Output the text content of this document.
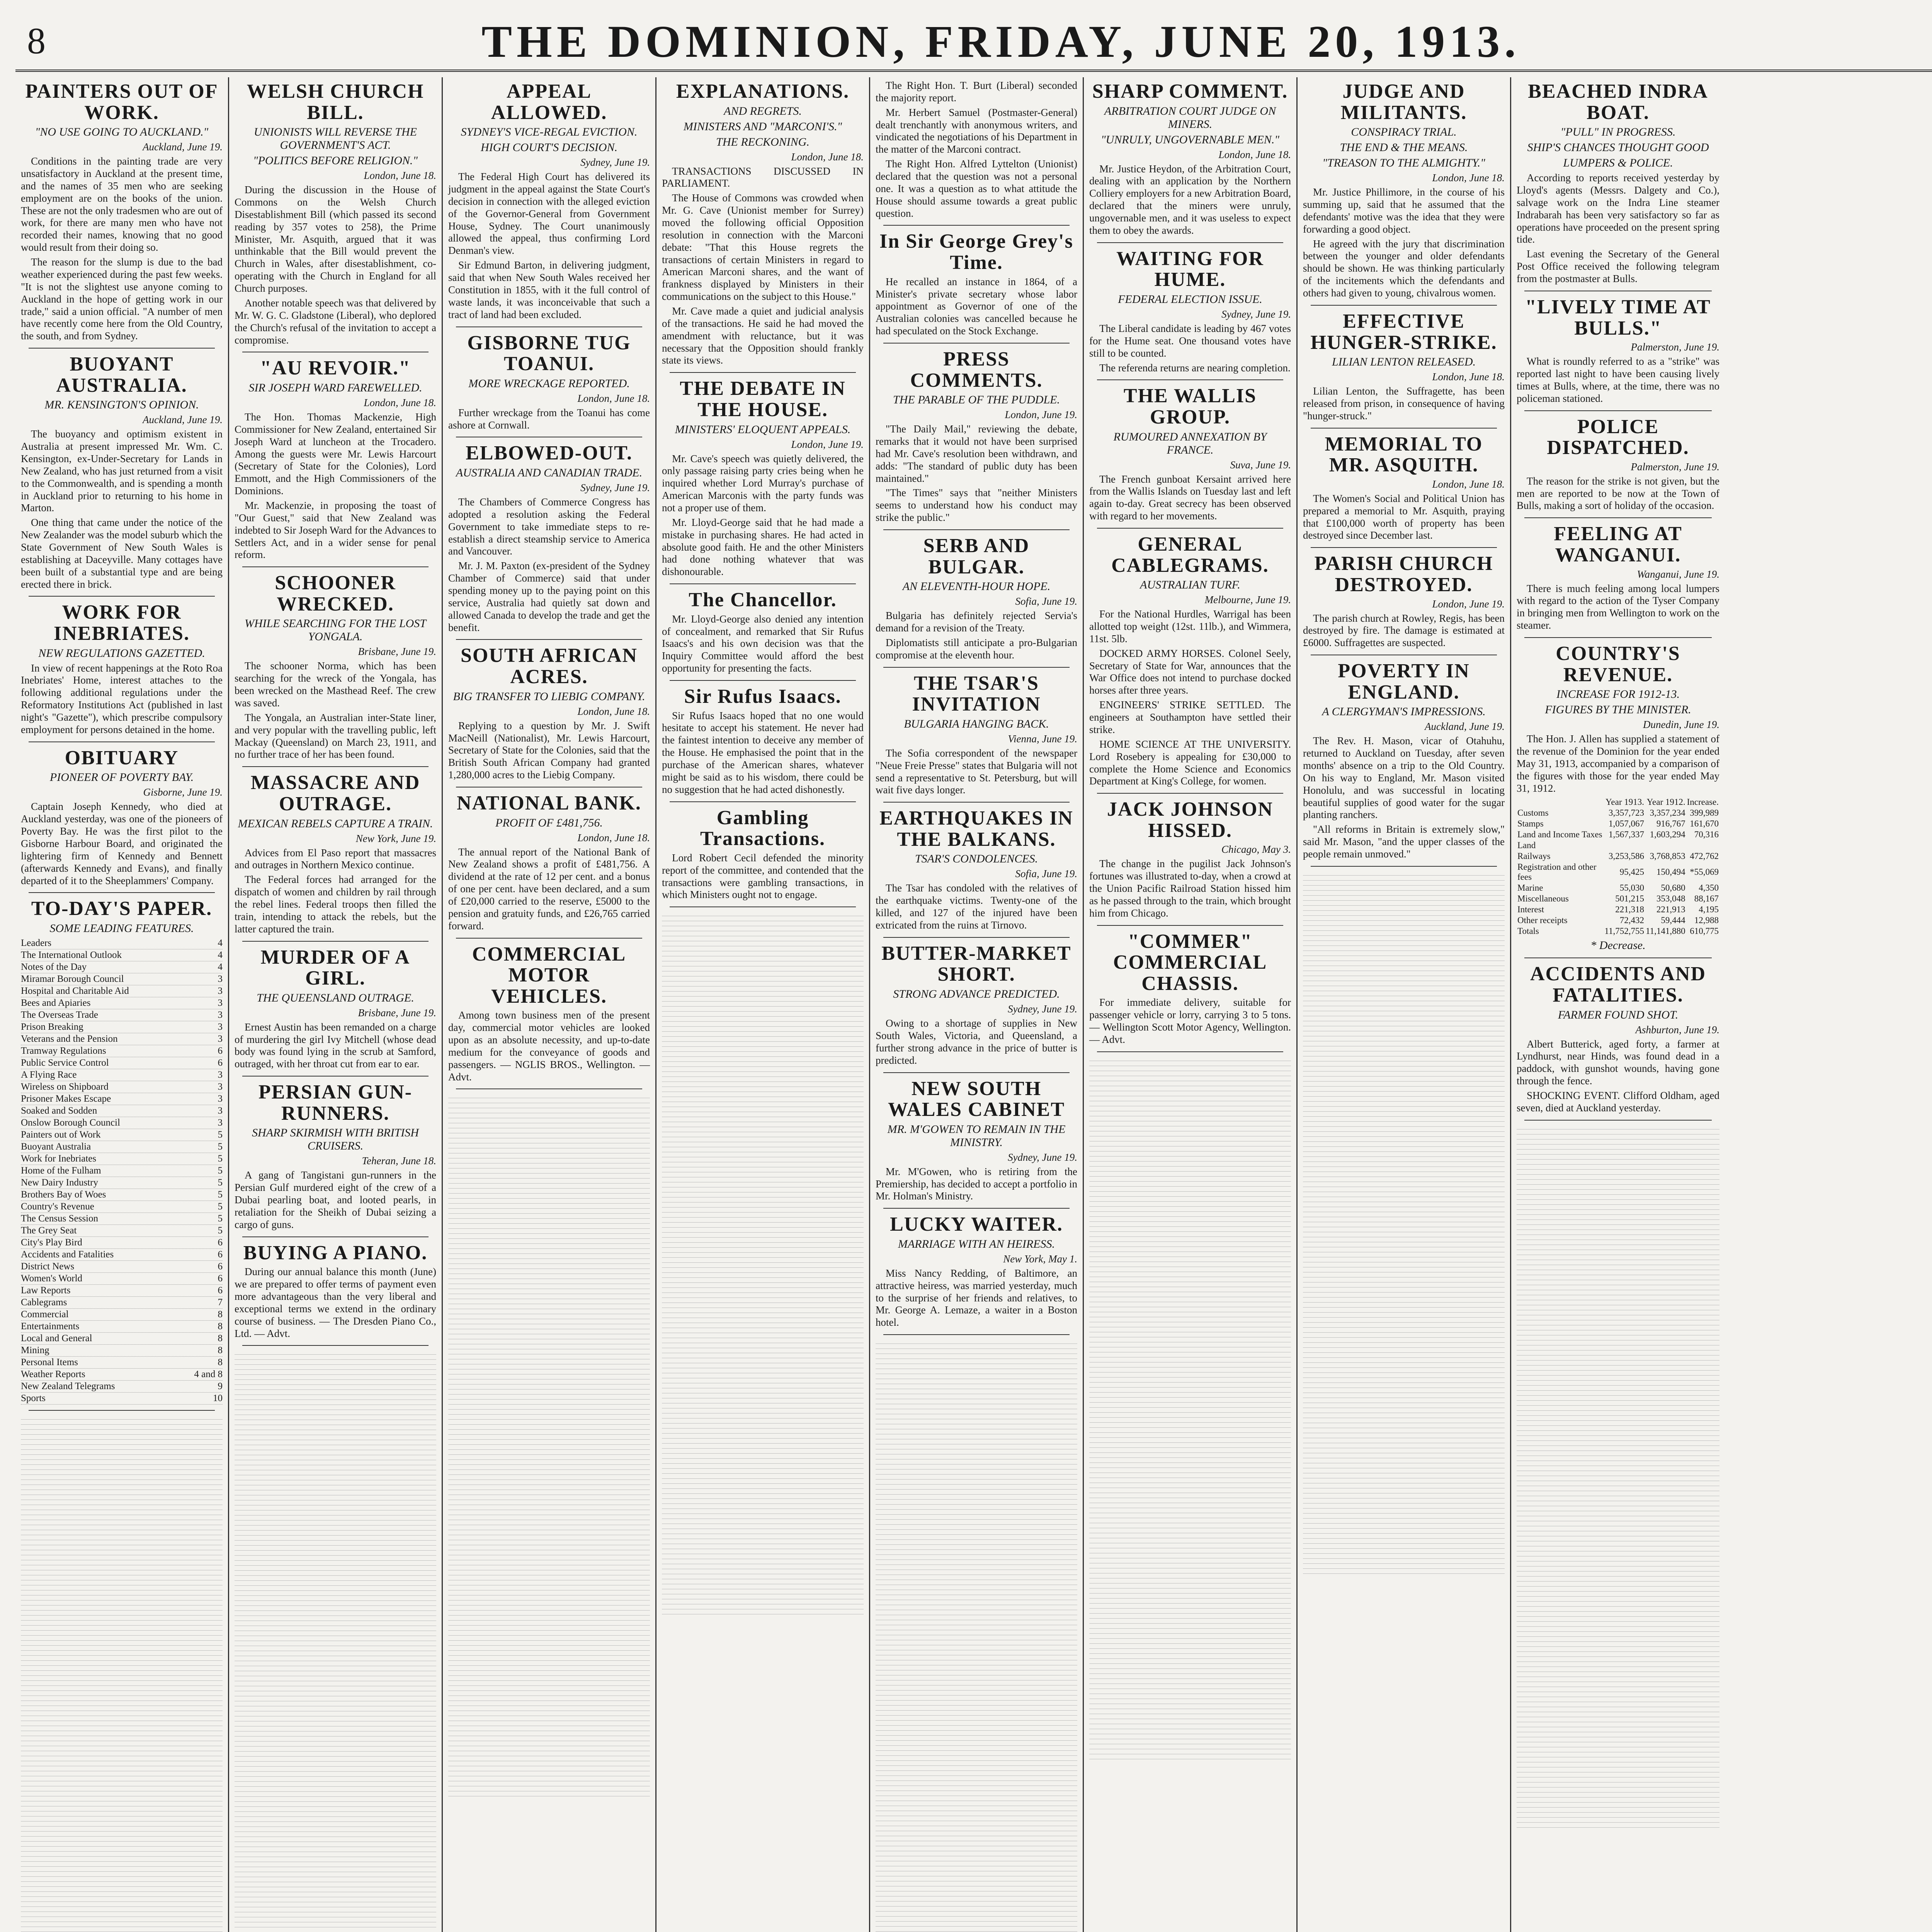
8	THE DOMINION, FRIDAY, JUNE 20, 1913.
PAINTERS OUT OF WORK.
"NO USE GOING TO AUCKLAND."
Auckland, June 19.

Conditions in the painting trade are very unsatisfactory in Auckland at the present time, and the names of 35 men who are seeking employment are on the books of the union. These are not the only tradesmen who are out of work, for there are many men who have not recorded their names, knowing that no good would result from their doing so.

The reason for the slump is due to the bad weather experienced during the past few weeks. "It is not the slightest use anyone coming to Auckland in the hope of getting work in our trade," said a union official. "A number of men have recently come here from the Old Country, the south, and from Sydney.

BUOYANT AUSTRALIA.
MR. KENSINGTON'S OPINION.
Auckland, June 19.

The buoyancy and optimism existent in Australia at present impressed Mr. Wm. C. Kensington, ex-Under-Secretary for Lands in New Zealand, who has just returned from a visit to the Commonwealth, and is spending a month in Auckland prior to returning to his home in Marton.

One thing that came under the notice of the New Zealander was the model suburb which the State Government of New South Wales is establishing at Daceyville. Many cottages have been built of a substantial type and are being erected there in brick.

WORK FOR INEBRIATES.
NEW REGULATIONS GAZETTED.

In view of recent happenings at the Roto Roa Inebriates' Home, interest attaches to the following additional regulations under the Reformatory Institutions Act (published in last night's "Gazette"), which prescribe compulsory employment for persons detained in the home.

OBITUARY
PIONEER OF POVERTY BAY.
Gisborne, June 19.

Captain Joseph Kennedy, who died at Auckland yesterday, was one of the pioneers of Poverty Bay. He was the first pilot to the Gisborne Harbour Board, and originated the lightering firm of Kennedy and Bennett (afterwards Kennedy and Evans), and finally departed of it to the Sheeplammers' Company.

TO-DAY'S PAPER.
SOME LEADING FEATURES.
Leaders	4
The International Outlook	4
Notes of the Day	4
Miramar Borough Council	3
Hospital and Charitable Aid	3
Bees and Apiaries	3
The Overseas Trade	3
Prison Breaking	3
Veterans and the Pension	3
Tramway Regulations	6
Public Service Control	6
A Flying Race	3
Wireless on Shipboard	3
Prisoner Makes Escape	3
Soaked and Sodden	3
Onslow Borough Council	3
Painters out of Work	5
Buoyant Australia	5
Work for Inebriates	5
Home of the Fulham	5
New Dairy Industry	5
Brothers Bay of Woes	5
Country's Revenue	5
The Census Session	5
The Grey Seat	5
City's Play Bird	6
Accidents and Fatalities	6
District News	6
Women's World	6
Law Reports	6
Cablegrams	7
Commercial	8
Entertainments	8
Local and General	8
Mining	8
Personal Items	8
Weather Reports	4 and 8
New Zealand Telegrams	9
Sports	10
WELSH CHURCH BILL.
UNIONISTS WILL REVERSE THE GOVERNMENT'S ACT.
"POLITICS BEFORE RELIGION."
London, June 18.

During the discussion in the House of Commons on the Welsh Church Disestablishment Bill (which passed its second reading by 357 votes to 258), the Prime Minister, Mr. Asquith, argued that it was unthinkable that the Bill would prevent the Church in Wales, after disestablishment, co-operating with the Church in England for all Church purposes.

Another notable speech was that delivered by Mr. W. G. C. Gladstone (Liberal), who deplored the Church's refusal of the invitation to accept a compromise.

"AU REVOIR."
SIR JOSEPH WARD FAREWELLED.
London, June 18.

The Hon. Thomas Mackenzie, High Commissioner for New Zealand, entertained Sir Joseph Ward at luncheon at the Trocadero. Among the guests were Mr. Lewis Harcourt (Secretary of State for the Colonies), Lord Emmott, and the High Commissioners of the Dominions.

Mr. Mackenzie, in proposing the toast of "Our Guest," said that New Zealand was indebted to Sir Joseph Ward for the Advances to Settlers Act, and in a wider sense for penal reform.

SCHOONER WRECKED.
WHILE SEARCHING FOR THE LOST YONGALA.
Brisbane, June 19.

The schooner Norma, which has been searching for the wreck of the Yongala, has been wrecked on the Masthead Reef. The crew was saved.

The Yongala, an Australian inter-State liner, and very popular with the travelling public, left Mackay (Queensland) on March 23, 1911, and no further trace of her has been found.

MASSACRE AND OUTRAGE.
MEXICAN REBELS CAPTURE A TRAIN.
New York, June 19.

Advices from El Paso report that massacres and outrages in Northern Mexico continue.

The Federal forces had arranged for the dispatch of women and children by rail through the rebel lines. Federal troops then filled the train, intending to attack the rebels, but the latter captured the train.

MURDER OF A GIRL.
THE QUEENSLAND OUTRAGE.
Brisbane, June 19.

Ernest Austin has been remanded on a charge of murdering the girl Ivy Mitchell (whose dead body was found lying in the scrub at Samford, outraged, with her throat cut from ear to ear.

PERSIAN GUN-RUNNERS.
SHARP SKIRMISH WITH BRITISH CRUISERS.
Teheran, June 18.

A gang of Tangistani gun-runners in the Persian Gulf murdered eight of the crew of a Dubai pearling boat, and looted pearls, in retaliation for the Sheikh of Dubai seizing a cargo of guns.

BUYING A PIANO.

During our annual balance this month (June) we are prepared to offer terms of payment even more advantageous than the very liberal and exceptional terms we extend in the ordinary course of business. — The Dresden Piano Co., Ltd. — Advt.

APPEAL ALLOWED.
SYDNEY'S VICE-REGAL EVICTION.
HIGH COURT'S DECISION.
Sydney, June 19.

The Federal High Court has delivered its judgment in the appeal against the State Court's decision in connection with the alleged eviction of the Governor-General from Government House, Sydney. The Court unanimously allowed the appeal, thus confirming Lord Denman's view.

Sir Edmund Barton, in delivering judgment, said that when New South Wales received her Constitution in 1855, with it the full control of waste lands, it was inconceivable that such a tract of land had been excluded.

GISBORNE TUG TOANUI.
MORE WRECKAGE REPORTED.
London, June 18.

Further wreckage from the Toanui has come ashore at Cornwall.

ELBOWED-OUT.
AUSTRALIA AND CANADIAN TRADE.
Sydney, June 19.

The Chambers of Commerce Congress has adopted a resolution asking the Federal Government to take immediate steps to re-establish a direct steamship service to America and Vancouver.

Mr. J. M. Paxton (ex-president of the Sydney Chamber of Commerce) said that under spending money up to the paying point on this service, Australia had quietly sat down and allowed Canada to develop the trade and get the benefit.

SOUTH AFRICAN ACRES.
BIG TRANSFER TO LIEBIG COMPANY.
London, June 18.

Replying to a question by Mr. J. Swift MacNeill (Nationalist), Mr. Lewis Harcourt, Secretary of State for the Colonies, said that the British South African Company had granted 1,280,000 acres to the Liebig Company.

NATIONAL BANK.
PROFIT OF £481,756.
London, June 18.

The annual report of the National Bank of New Zealand shows a profit of £481,756. A dividend at the rate of 12 per cent. and a bonus of one per cent. have been declared, and a sum of £20,000 carried to the reserve, £5000 to the pension and gratuity funds, and £26,765 carried forward.

COMMERCIAL MOTOR VEHICLES.

Among town business men of the present day, commercial motor vehicles are looked upon as an absolute necessity, and up-to-date medium for the conveyance of goods and passengers. — NGLIS BROS., Wellington. — Advt.

EXPLANATIONS.
AND REGRETS.
MINISTERS AND "MARCONI'S."
THE RECKONING.
London, June 18.

TRANSACTIONS DISCUSSED IN PARLIAMENT.

The House of Commons was crowded when Mr. G. Cave (Unionist member for Surrey) moved the following official Opposition resolution in connection with the Marconi debate: "That this House regrets the transactions of certain Ministers in regard to American Marconi shares, and the want of frankness displayed by Ministers in their communications on the subject to this House."

Mr. Cave made a quiet and judicial analysis of the transactions. He said he had moved the amendment with reluctance, but it was necessary that the Opposition should frankly state its views.

THE DEBATE IN THE HOUSE.
MINISTERS' ELOQUENT APPEALS.
London, June 19.

Mr. Cave's speech was quietly delivered, the only passage raising party cries being when he inquired whether Lord Murray's purchase of American Marconis with the party funds was not a proper use of them.

Mr. Lloyd-George said that he had made a mistake in purchasing shares. He had acted in absolute good faith. He and the other Ministers had done nothing whatever that was dishonourable.

The Chancellor.

Mr. Lloyd-George also denied any intention of concealment, and remarked that Sir Rufus Isaacs's and his own decision was that the Inquiry Committee would afford the best opportunity for presenting the facts.

Sir Rufus Isaacs.

Sir Rufus Isaacs hoped that no one would hesitate to accept his statement. He never had the faintest intention to deceive any member of the House. He emphasised the point that in the purchase of the American shares, whatever might be said as to his wisdom, there could be no suggestion that he had acted dishonestly.

Gambling Transactions.

Lord Robert Cecil defended the minority report of the committee, and contended that the transactions were gambling transactions, in which Ministers ought not to engage.

The Right Hon. T. Burt (Liberal) seconded the majority report.

Mr. Herbert Samuel (Postmaster-General) dealt trenchantly with anonymous writers, and vindicated the negotiations of his Department in the matter of the Marconi contract.

The Right Hon. Alfred Lyttelton (Unionist) declared that the question was not a personal one. It was a question as to what attitude the House should assume towards a great public question.

In Sir George Grey's Time.

He recalled an instance in 1864, of a Minister's private secretary whose labor appointment as Governor of one of the Australian colonies was cancelled because he had speculated on the Stock Exchange.

PRESS COMMENTS.
THE PARABLE OF THE PUDDLE.
London, June 19.

"The Daily Mail," reviewing the debate, remarks that it would not have been surprised had Mr. Cave's resolution been withdrawn, and adds: "The standard of public duty has been maintained."

"The Times" says that "neither Ministers seems to understand how his conduct may strike the public."

SERB AND BULGAR.
AN ELEVENTH-HOUR HOPE.
Sofia, June 19.

Bulgaria has definitely rejected Servia's demand for a revision of the Treaty.

Diplomatists still anticipate a pro-Bulgarian compromise at the eleventh hour.

THE TSAR'S INVITATION
BULGARIA HANGING BACK.
Vienna, June 19.

The Sofia correspondent of the newspaper "Neue Freie Presse" states that Bulgaria will not send a representative to St. Petersburg, but will wait five days longer.

EARTHQUAKES IN THE BALKANS.
TSAR'S CONDOLENCES.
Sofia, June 19.

The Tsar has condoled with the relatives of the earthquake victims. Twenty-one of the killed, and 127 of the injured have been extricated from the ruins at Tirnovo.

BUTTER-MARKET SHORT.
STRONG ADVANCE PREDICTED.
Sydney, June 19.

Owing to a shortage of supplies in New South Wales, Victoria, and Queensland, a further strong advance in the price of butter is predicted.

NEW SOUTH WALES CABINET
MR. M'GOWEN TO REMAIN IN THE MINISTRY.
Sydney, June 19.

Mr. M'Gowen, who is retiring from the Premiership, has decided to accept a portfolio in Mr. Holman's Ministry.

LUCKY WAITER.
MARRIAGE WITH AN HEIRESS.
New York, May 1.

Miss Nancy Redding, of Baltimore, an attractive heiress, was married yesterday, much to the surprise of her friends and relatives, to Mr. George A. Lemaze, a waiter in a Boston hotel.

SHARP COMMENT.
ARBITRATION COURT JUDGE ON MINERS.
"UNRULY, UNGOVERNABLE MEN."
London, June 18.

Mr. Justice Heydon, of the Arbitration Court, dealing with an application by the Northern Colliery employers for a new Arbitration Board, declared that the miners were unruly, ungovernable men, and it was useless to expect them to obey the awards.

WAITING FOR HUME.
FEDERAL ELECTION ISSUE.
Sydney, June 19.

The Liberal candidate is leading by 467 votes for the Hume seat. One thousand votes have still to be counted.

The referenda returns are nearing completion.

THE WALLIS GROUP.
RUMOURED ANNEXATION BY FRANCE.
Suva, June 19.

The French gunboat Kersaint arrived here from the Wallis Islands on Tuesday last and left again to-day. Great secrecy has been observed with regard to her movements.

GENERAL CABLEGRAMS.
AUSTRALIAN TURF.
Melbourne, June 19.

For the National Hurdles, Warrigal has been allotted top weight (12st. 11lb.), and Wimmera, 11st. 5lb.

DOCKED ARMY HORSES. Colonel Seely, Secretary of State for War, announces that the War Office does not intend to purchase docked horses after three years.

ENGINEERS' STRIKE SETTLED. The engineers at Southampton have settled their strike.

HOME SCIENCE AT THE UNIVERSITY. Lord Rosebery is appealing for £30,000 to complete the Home Science and Economics Department at King's College, for women.

JACK JOHNSON HISSED.
Chicago, May 3.

The change in the pugilist Jack Johnson's fortunes was illustrated to-day, when a crowd at the Union Pacific Railroad Station hissed him as he passed through to the train, which brought him from Chicago.

"COMMER" COMMERCIAL CHASSIS.

For immediate delivery, suitable for passenger vehicle or lorry, carrying 3 to 5 tons. — Wellington Scott Motor Agency, Wellington. — Advt.

JUDGE AND MILITANTS.
CONSPIRACY TRIAL.
THE END & THE MEANS.
"TREASON TO THE ALMIGHTY."
London, June 18.

Mr. Justice Phillimore, in the course of his summing up, said that he assumed that the defendants' motive was the idea that they were forwarding a good object.

He agreed with the jury that discrimination between the younger and older defendants should be shown. He was thinking particularly of the incitements which the defendants and others had given to young, chivalrous women.

EFFECTIVE HUNGER-STRIKE.
LILIAN LENTON RELEASED.
London, June 18.

Lilian Lenton, the Suffragette, has been released from prison, in consequence of having "hunger-struck."

MEMORIAL TO MR. ASQUITH.
London, June 18.

The Women's Social and Political Union has prepared a memorial to Mr. Asquith, praying that £100,000 worth of property has been destroyed since December last.

PARISH CHURCH DESTROYED.
London, June 19.

The parish church at Rowley, Regis, has been destroyed by fire. The damage is estimated at £6000. Suffragettes are suspected.

POVERTY IN ENGLAND.
A CLERGYMAN'S IMPRESSIONS.
Auckland, June 19.

The Rev. H. Mason, vicar of Otahuhu, returned to Auckland on Tuesday, after seven months' absence on a trip to the Old Country. On his way to England, Mr. Mason visited Honolulu, and was successful in locating beautiful supplies of good water for the sugar planting ranchers.

"All reforms in Britain is extremely slow," said Mr. Mason, "and the upper classes of the people remain unmoved."

BEACHED INDRA BOAT.
"PULL" IN PROGRESS.
SHIP'S CHANCES THOUGHT GOOD
LUMPERS & POLICE.

According to reports received yesterday by Lloyd's agents (Messrs. Dalgety and Co.), salvage work on the Indra Line steamer Indrabarah has been very satisfactory so far as operations have proceeded on the present spring tide.

Last evening the Secretary of the General Post Office received the following telegram from the postmaster at Bulls.

"LIVELY TIME AT BULLS."
Palmerston, June 19.

What is roundly referred to as a "strike" was reported last night to have been causing lively times at Bulls, where, at the time, there was no policeman stationed.

POLICE DISPATCHED.
Palmerston, June 19.

The reason for the strike is not given, but the men are reported to be now at the Town of Bulls, making a sort of holiday of the occasion.

FEELING AT WANGANUI.
Wanganui, June 19.

There is much feeling among local lumpers with regard to the action of the Tyser Company in bringing men from Wellington to work on the steamer.

COUNTRY'S REVENUE.
INCREASE FOR 1912-13.
FIGURES BY THE MINISTER.
Dunedin, June 19.

The Hon. J. Allen has supplied a statement of the revenue of the Dominion for the year ended May 31, 1913, accompanied by a comparison of the figures with those for the year ended May 31, 1912.

	Year 1913.	Year 1912.	Increase.
Customs	3,357,723	3,357,234	399,989
Stamps	1,057,067	916,767	161,670
Land and Income Taxes	1,567,337	1,603,294	70,316
Land			
Railways	3,253,586	3,768,853	472,762
Registration and other fees	95,425	150,494	*55,069
Marine	55,030	50,680	4,350
Miscellaneous	501,215	353,048	88,167
Interest	221,318	221,913	4,195
Other receipts	72,432	59,444	12,988
Totals	11,752,755	11,141,880	610,775
* Decrease.
ACCIDENTS AND FATALITIES.
FARMER FOUND SHOT.
Ashburton, June 19.

Albert Butterick, aged forty, a farmer at Lyndhurst, near Hinds, was found dead in a paddock, with gunshot wounds, having gone through the fence.

SHOCKING EVENT. Clifford Oldham, aged seven, died at Auckland yesterday.
